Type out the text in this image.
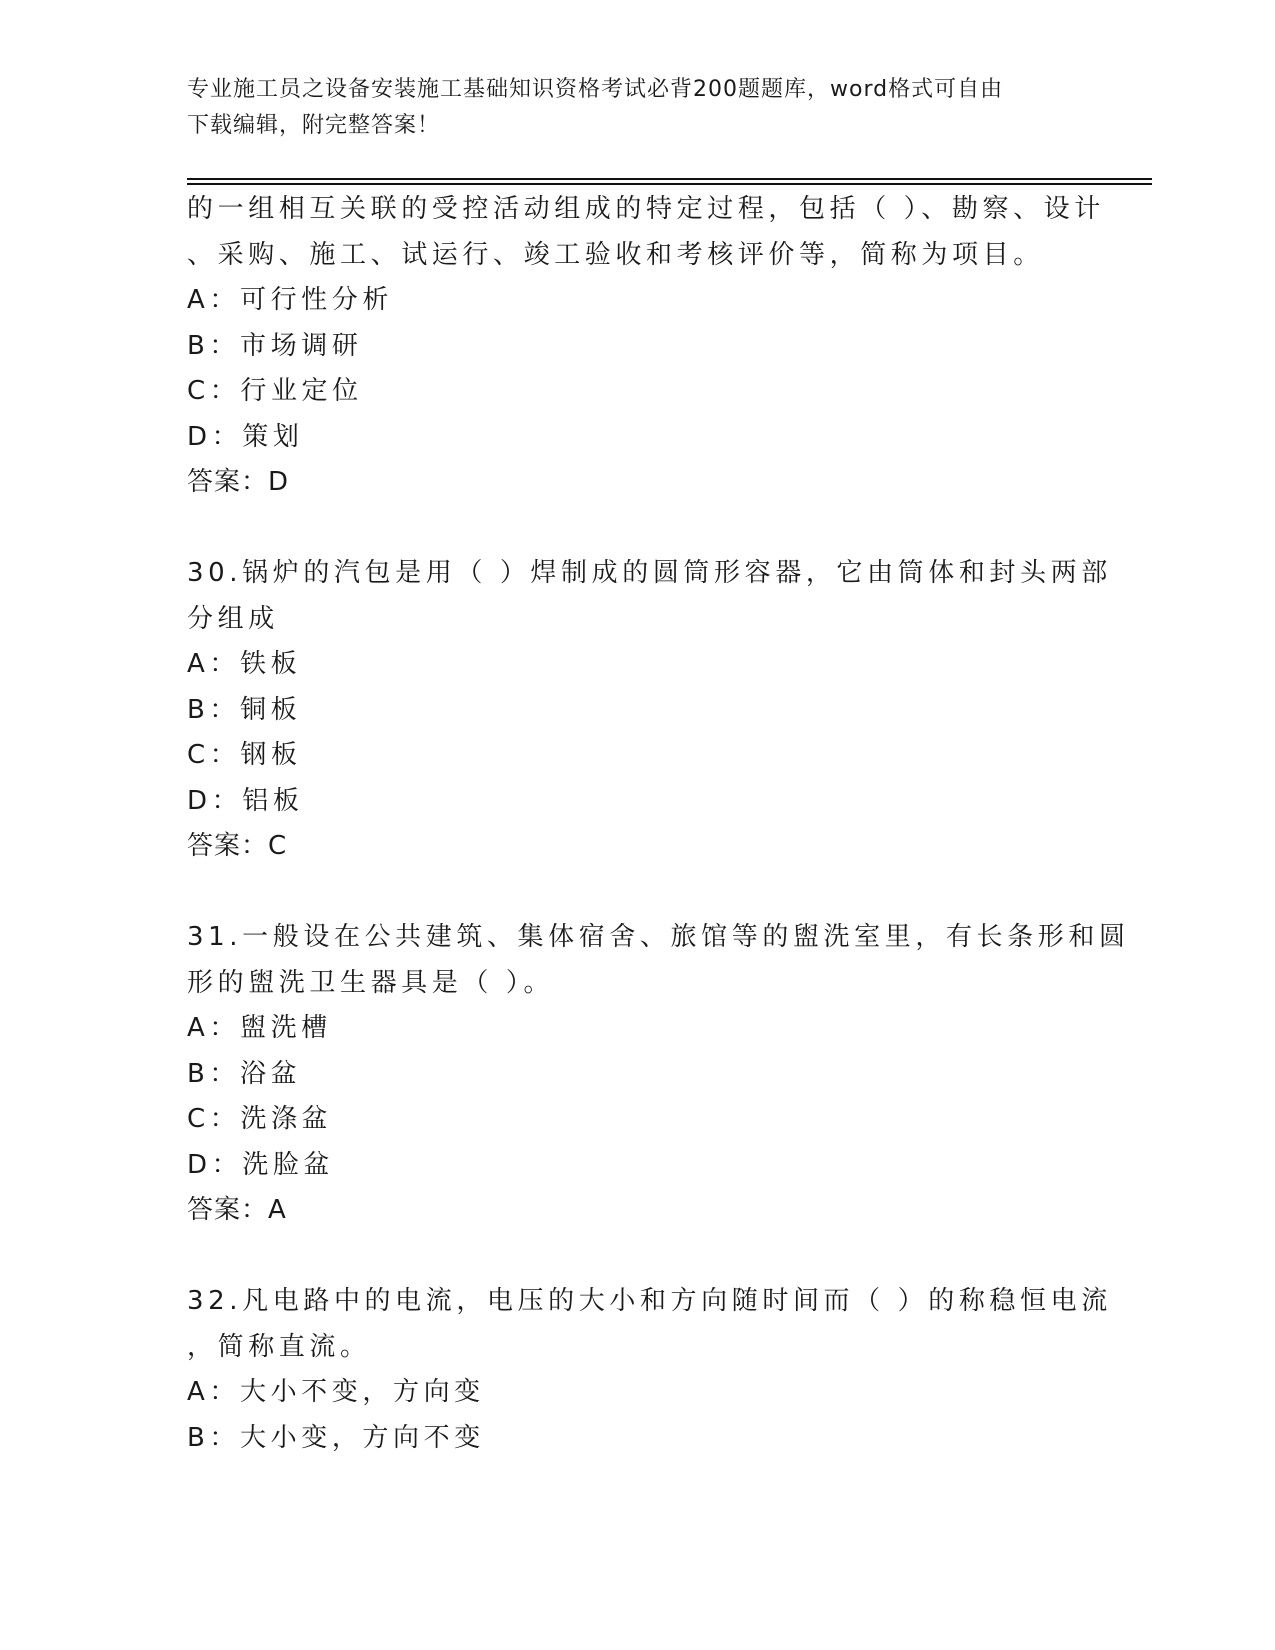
专业施工员之设备安装施工基础知识资格考试必背200题题库，word格式可自由
下载编辑，附完整答案！
的一组相互关联的受控活动组成的特定过程，包括（ ）、勘察、设计
、采购、施工、试运行、竣工验收和考核评价等，简称为项目。
A：可行性分析
B：市场调研
C：行业定位
D：策划
答案：D
30.锅炉的汽包是用（ ）焊制成的圆筒形容器，它由筒体和封头两部
分组成
A：铁板
B：铜板
C：钢板
D：铝板
答案：C
31.一般设在公共建筑、集体宿舍、旅馆等的盥洗室里，有长条形和圆
形的盥洗卫生器具是（ ）。
A：盥洗槽
B：浴盆
C：洗涤盆
D：洗脸盆
答案：A
32.凡电路中的电流，电压的大小和方向随时间而（ ）的称稳恒电流
，简称直流。
A：大小不变，方向变
B：大小变，方向不变
